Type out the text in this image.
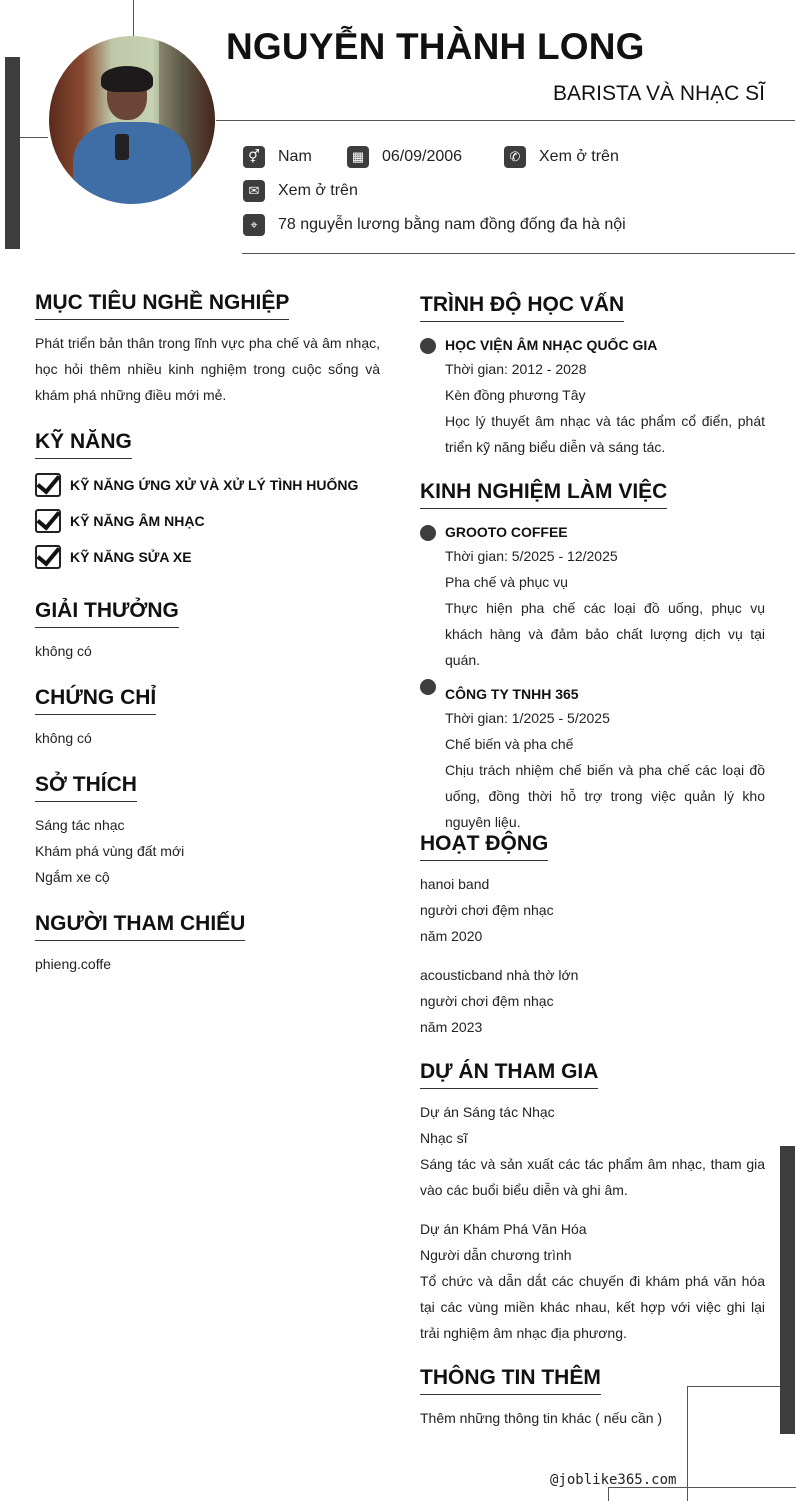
NGUYỄN THÀNH LONG
BARISTA VÀ NHẠC SĨ
⚥	Nam	▦	06/09/2006	✆	Xem ở trên
✉	Xem ở trên
⌖	78 nguyễn lương bằng nam đồng đống đa hà nội
MỤC TIÊU NGHỀ NGHIỆP
Phát triển bản thân trong lĩnh vực pha chế và âm nhạc, học hỏi thêm nhiều kinh nghiệm trong cuộc sống và khám phá những điều mới mẻ.
KỸ NĂNG
KỸ NĂNG ỨNG XỬ VÀ XỬ LÝ TÌNH HUỐNG
KỸ NĂNG ÂM NHẠC
KỸ NĂNG SỬA XE
GIẢI THƯỞNG
không có
CHỨNG CHỈ
không có
SỞ THÍCH
Sáng tác nhạc
Khám phá vùng đất mới
Ngắm xe cộ
NGƯỜI THAM CHIẾU
phieng.coffe
TRÌNH ĐỘ HỌC VẤN
HỌC VIỆN ÂM NHẠC QUỐC GIA
Thời gian: 2012 - 2028
Kèn đồng phương Tây
Học lý thuyết âm nhạc và tác phẩm cổ điển, phát triển kỹ năng biểu diễn và sáng tác.
KINH NGHIỆM LÀM VIỆC
GROOTO COFFEE
Thời gian: 5/2025 - 12/2025
Pha chế và phục vụ
Thực hiện pha chế các loại đồ uống, phục vụ khách hàng và đảm bảo chất lượng dịch vụ tại quán.
CÔNG TY TNHH 365
Thời gian: 1/2025 - 5/2025
Chế biến và pha chế
Chịu trách nhiệm chế biến và pha chế các loại đồ uống, đồng thời hỗ trợ trong việc quản lý kho nguyên liệu.
HOẠT ĐỘNG
hanoi band
người chơi đệm nhạc
năm 2020
acousticband nhà thờ lớn
người chơi đệm nhạc
năm 2023
DỰ ÁN THAM GIA
Dự án Sáng tác Nhạc
Nhạc sĩ
Sáng tác và sản xuất các tác phẩm âm nhạc, tham gia vào các buổi biểu diễn và ghi âm.
Dự án Khám Phá Văn Hóa
Người dẫn chương trình
Tổ chức và dẫn dắt các chuyến đi khám phá văn hóa tại các vùng miền khác nhau, kết hợp với việc ghi lại trải nghiệm âm nhạc địa phương.
THÔNG TIN THÊM
Thêm những thông tin khác ( nếu cần )
@joblike365.com
